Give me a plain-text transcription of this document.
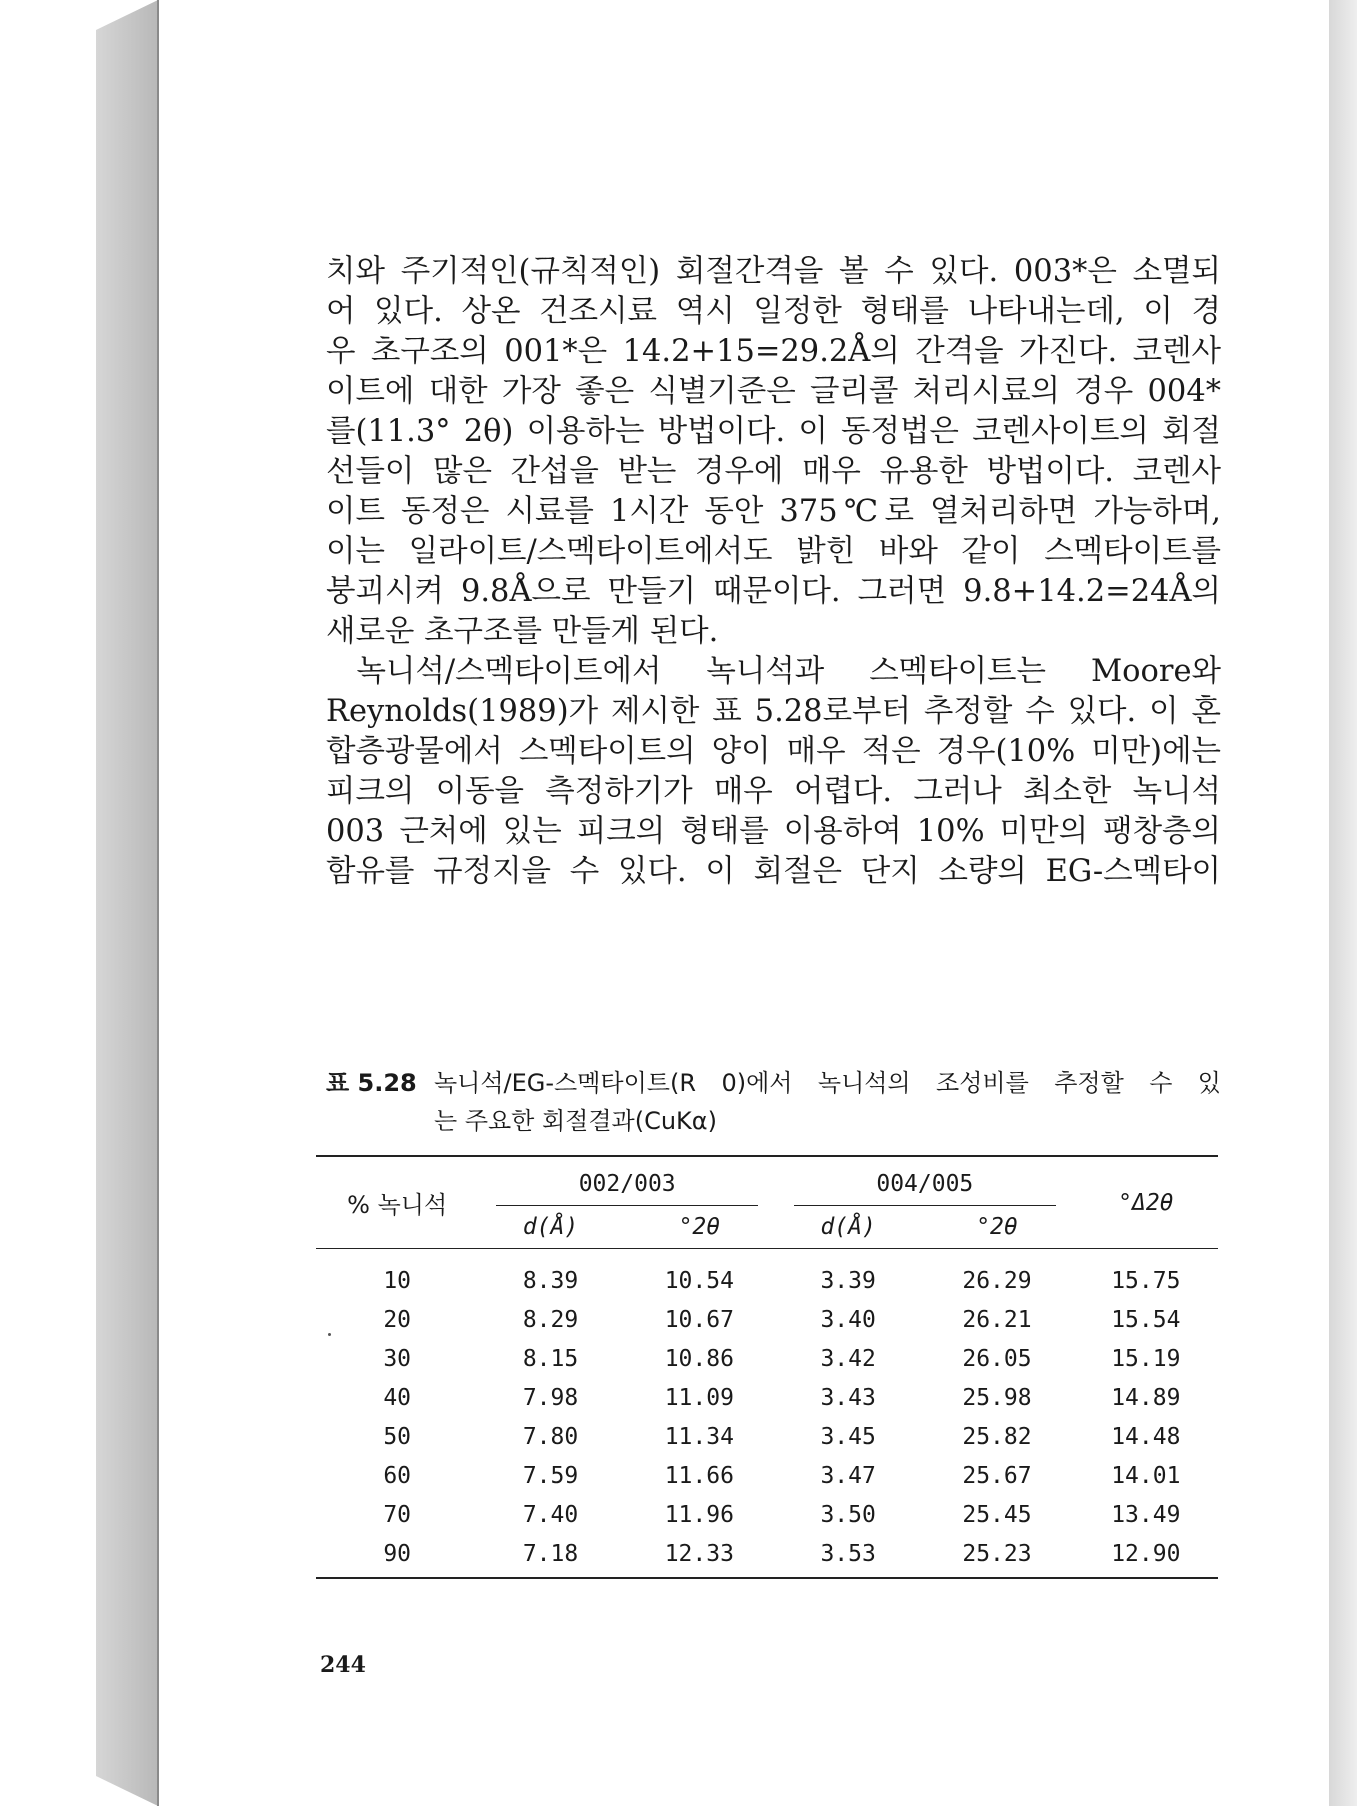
치와 주기적인(규칙적인) 회절간격을 볼 수 있다. 003*은 소멸되
어 있다. 상온 건조시료 역시 일정한 형태를 나타내는데, 이 경
우 초구조의 001*은 14.2+15=29.2Å의 간격을 가진다. 코렌사
이트에 대한 가장 좋은 식별기준은 글리콜 처리시료의 경우 004*
를(11.3° 2θ) 이용하는 방법이다. 이 동정법은 코렌사이트의 회절
선들이 많은 간섭을 받는 경우에 매우 유용한 방법이다. 코렌사
이트 동정은 시료를 1시간 동안 375℃로 열처리하면 가능하며,
이는 일라이트/스멕타이트에서도 밝힌 바와 같이 스멕타이트를
붕괴시켜 9.8Å으로 만들기 때문이다. 그러면 9.8+14.2=24Å의
새로운 초구조를 만들게 된다.

녹니석/스멕타이트에서 녹니석과 스멕타이트는 Moore와
Reynolds(1989)가 제시한 표 5.28로부터 추정할 수 있다. 이 혼
합층광물에서 스멕타이트의 양이 매우 적은 경우(10% 미만)에는
피크의 이동을 측정하기가 매우 어렵다. 그러나 최소한 녹니석
003 근처에 있는 피크의 형태를 이용하여 10% 미만의 팽창층의
함유를 규정지을 수 있다. 이 회절은 단지 소량의 EG-스멕타이

표 5.28 녹니석/EG-스멕타이트(R 0)에서 녹니석의 조성비를 추정할 수 있
는 주요한 회절결과(CuKα)
% 녹니석	002/003		004/005		°Δ2θ
	d(Å)	°2θ	d(Å)	°2θ	
10	8.39	10.54	3.39	26.29	15.75
20	8.29	10.67	3.40	26.21	15.54
30	8.15	10.86	3.42	26.05	15.19
40	7.98	11.09	3.43	25.98	14.89
50	7.80	11.34	3.45	25.82	14.48
60	7.59	11.66	3.47	25.67	14.01
70	7.40	11.96	3.50	25.45	13.49
90	7.18	12.33	3.53	25.23	12.90
244
